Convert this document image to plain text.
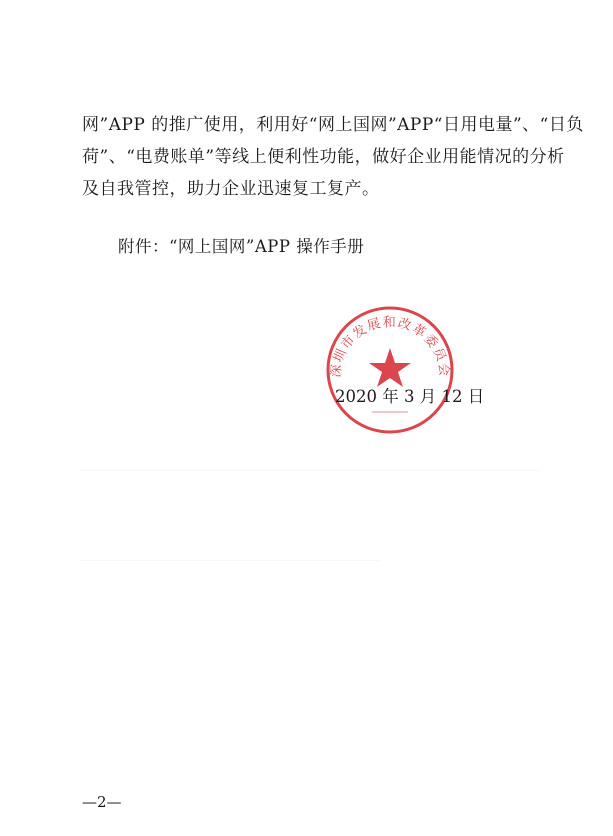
网”APP 的推广使用，利用好“网上国网”APP“日用电量”、“日负
荷”、“电费账单”等线上便利性功能，做好企业用能情况的分析
及自我管控，助力企业迅速复工复产。
附件：“网上国网”APP 操作手册
深圳市发展和改革委员会
2020 年 3 月 12 日
—2—
